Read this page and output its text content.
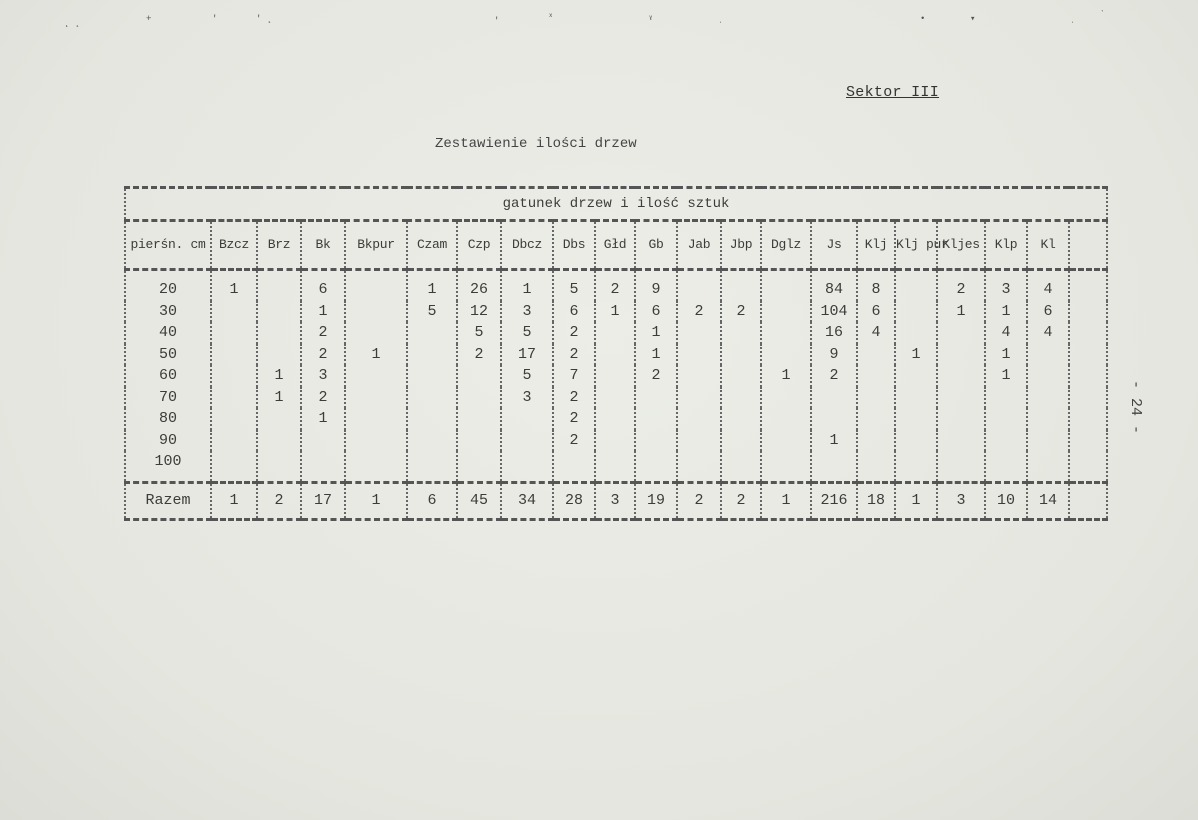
˛ ˛	+	'	' ˛	'	ˣ	ˠ	ˌ	•	▾	ˌ	ˋ
Sektor III
Zestawienie ilości drzew
- 24 -
gatunek drzew i ilość sztuk																				
pierśn. cm	Bzcz	Brz	Bk	Bkpur	Czam	Czp	Dbcz	Dbs	Głd	Gb	Jab	Jbp	Dglz	Js	Klj	Klj pur	Kljes	Klp	Kl	
20	1		6		1	26	1	5	2	9				84	8		2	3	4	
30			1		5	12	3	6	1	6	2	2		104	6		1	1	6	
40			2			5	5	2		1				16	4			4	4	
50			2	1		2	17	2		1				9		1		1		
60		1	3				5	7		2			1	2				1		
70		1	2				3	2												
80			1					2												
90								2						1						
100																				
Razem	1	2	17	1	6	45	34	28	3	19	2	2	1	216	18	1	3	10	14	
